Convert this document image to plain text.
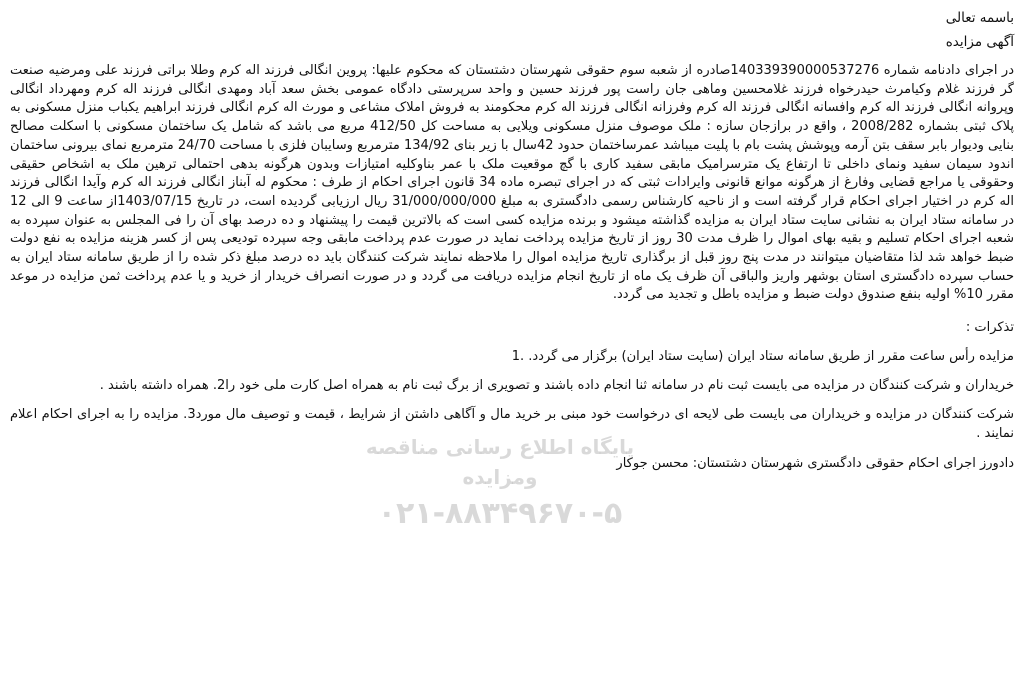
باسمه تعالی

آگهی مزایده

در اجرای دادنامه شماره 140339390000537276صادره از شعبه سوم حقوقی شهرستان دشتستان که محکوم علیها: پروین انگالی فرزند اله کرم وطلا براتی فرزند علی ومرضیه صنعت گر فرزند غلام وکیامرث حیدرخواه فرزند غلامحسین وماهی جان راست پور فرزند حسین و واحد سرپرستی دادگاه عمومی بخش سعد آباد ومهدی انگالی فرزند اله کرم ومهرداد انگالی وپروانه انگالی فرزند اله کرم وافسانه انگالی فرزند اله کرم وفرزانه انگالی فرزند اله کرم محکومند به فروش املاک مشاعی و مورث اله کرم انگالی فرزند ابراهیم یکباب منزل مسکونی به پلاک ثبتی بشماره 2008/282 ، واقع در برازجان سازه : ملک موصوف منزل مسکونی ویلایی به مساحت کل 412/50 مربع می باشد که شامل یک ساختمان مسکونی با اسکلت مصالح بنایی ودیوار بابر سقف بتن آرمه وپوشش پشت بام با پلیت میباشد عمرساختمان حدود 42سال با زیر بنای 134/92 مترمربع وسایبان فلزی با مساحت 24/70 مترمربع نمای بیرونی ساختمان اندود سیمان سفید ونمای داخلی تا ارتفاع یک مترسرامیک مابقی سفید کاری با گچ موقعیت ملک با عمر بناوکلیه امتیازات وبدون هرگونه بدهی احتمالی ترهین ملک به اشخاص حقیقی وحقوقی یا مراجع قضایی وفارغ از هرگونه موانع قانونی وایرادات ثبتی که در اجرای تبصره ماده 34 قانون اجرای احکام از طرف : محکوم له آبناز انگالی فرزند اله کرم وآیدا انگالی فرزند اله کرم در اختیار اجرای احکام قرار گرفته است و از ناحیه کارشناس رسمی دادگستری به مبلغ 31/000/000/000 ریال ارزیابی گردیده است، در تاریخ 1403/07/15از ساعت 9 الی 12 در سامانه ستاد ایران به نشانی سایت ستاد ایران به مزایده گذاشته میشود و برنده مزایده کسی است که بالاترین قیمت را پیشنهاد و ده درصد بهای آن را فی المجلس به عنوان سپرده به شعبه اجرای احکام تسلیم و بقیه بهای اموال را ظرف مدت 30 روز از تاریخ مزایده پرداخت نماید در صورت عدم پرداخت مابقی وجه سپرده تودیعی پس از کسر هزینه مزایده به نفع دولت ضبط خواهد شد لذا متقاضیان میتوانند در مدت پنج روز قبل از برگذاری تاریخ مزایده اموال را ملاحظه نمایند شرکت کنندگان باید ده درصد مبلغ ذکر شده را از طریق سامانه ستاد ایران به حساب سپرده دادگستری استان بوشهر واریز والباقی آن ظرف یک ماه از تاریخ انجام مزایده دریافت می گردد و در صورت انصراف خریدار از خرید و یا عدم پرداخت ثمن مزایده در موعد مقرر 10% اولیه بنفع صندوق دولت ضبط و مزایده باطل و تجدید می گردد.

تذکرات :

مزایده رأس ساعت مقرر از طریق سامانه ستاد ایران (سایت ستاد ایران) برگزار می گردد. .1

خریداران و شرکت کنندگان در مزایده می بایست ثبت نام در سامانه ثنا انجام داده باشند و تصویری از برگ ثبت نام به همراه اصل کارت ملی خود را2. همراه داشته باشند .

شرکت کنندگان در مزایده و خریداران می بایست طی لایحه ای درخواست خود مبنی بر خرید مال و آگاهی داشتن از شرایط ، قیمت و توصیف مال مورد3. مزایده را به اجرای احکام اعلام نمایند .

دادورز اجرای احکام حقوقی دادگستری شهرستان دشتستان: محسن جوکار

پایگاه اطلاع رسانی مناقصه ومزایده
۰۲۱-۸۸۳۴۹۶۷۰-۵
